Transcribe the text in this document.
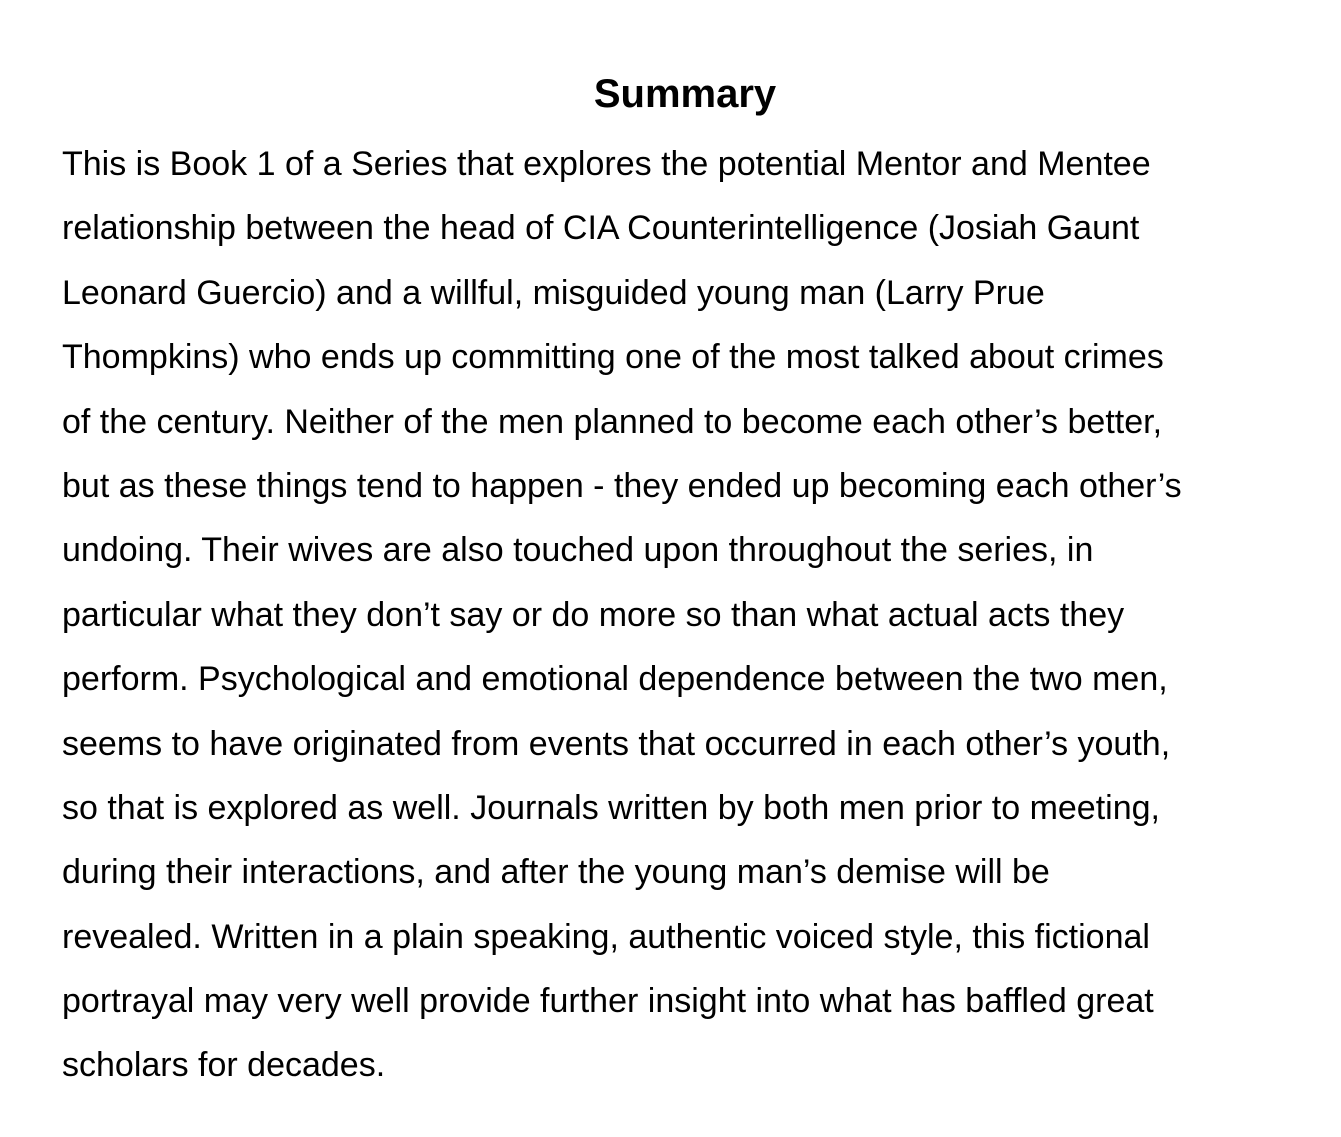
Summary
This is Book 1 of a Series that explores the potential Mentor and Mentee
relationship between the head of CIA Counterintelligence (Josiah Gaunt
Leonard Guercio) and a willful, misguided young man (Larry Prue
Thompkins) who ends up committing one of the most talked about crimes
of the century. Neither of the men planned to become each other’s better,
but as these things tend to happen - they ended up becoming each other’s
undoing. Their wives are also touched upon throughout the series, in
particular what they don’t say or do more so than what actual acts they
perform. Psychological and emotional dependence between the two men,
seems to have originated from events that occurred in each other’s youth,
so that is explored as well. Journals written by both men prior to meeting,
during their interactions, and after the young man’s demise will be
revealed. Written in a plain speaking, authentic voiced style, this fictional
portrayal may very well provide further insight into what has baffled great
scholars for decades.
